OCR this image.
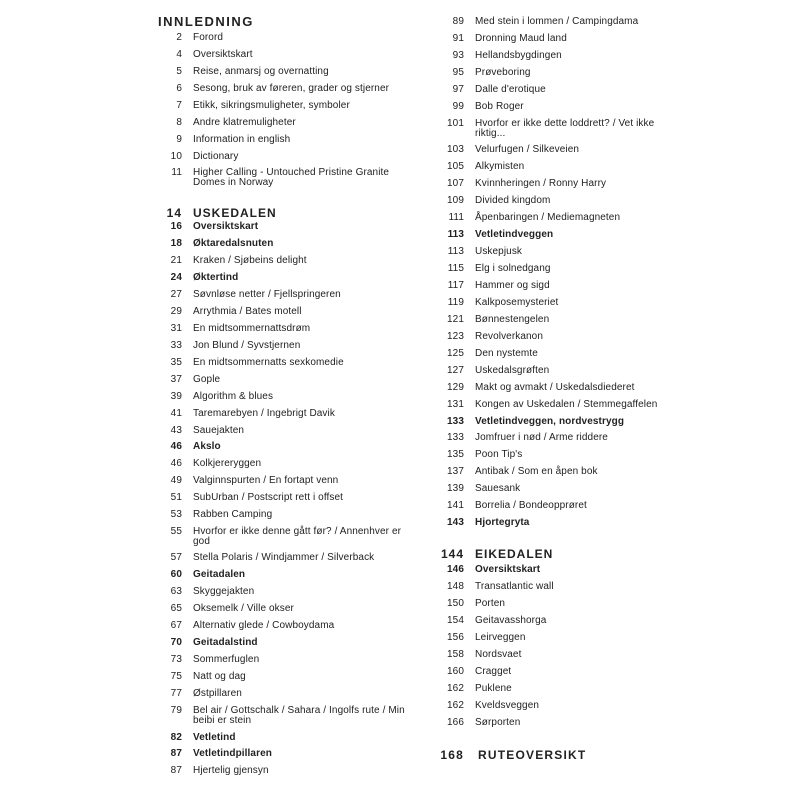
INNLEDNING
2 Forord
4 Oversiktskart
5 Reise, anmarsj og overnatting
6 Sesong, bruk av føreren, grader og stjerner
7 Etikk, sikringsmuligheter, symboler
8 Andre klatremuligheter
9 Information in english
10 Dictionary
11 Higher Calling - Untouched Pristine Granite Domes in Norway
14 USKEDALEN
16 Oversiktskart
18 Øktaredalsnuten
21 Kraken / Sjøbeins delight
24 Øktertind
27 Søvnløse netter / Fjellspringeren
29 Arrythmia / Bates motell
31 En midtsommernattsdrøm
33 Jon Blund / Syvstjernen
35 En midtsommernatts sexkomedie
37 Gople
39 Algorithm & blues
41 Taremarebyen / Ingebrigt Davik
43 Sauejakten
46 Akslo
46 Kolkjereryggen
49 Valginnspurten / En fortapt venn
51 SubUrban / Postscript rett i offset
53 Rabben Camping
55 Hvorfor er ikke denne gått før? / Annenhver er god
57 Stella Polaris / Windjammer / Silverback
60 Geitadalen
63 Skyggejakten
65 Oksemelk / Ville okser
67 Alternativ glede / Cowboydama
70 Geitadalstind
73 Sommerfuglen
75 Natt og dag
77 Østpillaren
79 Bel air / Gottschalk / Sahara / Ingolfs rute / Min beibi er stein
82 Vetletind
87 Vetletindpillaren
87 Hjertelig gjensyn
89 Med stein i lommen / Campingdama
91 Dronning Maud land
93 Hellandsbygdingen
95 Prøveboring
97 Dalle d'erotique
99 Bob Roger
101 Hvorfor er ikke dette loddrett? / Vet ikke riktig...
103 Velurfugen / Silkeveien
105 Alkymisten
107 Kvinnheringen / Ronny Harry
109 Divided kingdom
111 Åpenbaringen / Mediemagneten
113 Vetletindveggen
113 Uskepjusk
115 Elg i solnedgang
117 Hammer og sigd
119 Kalkposemysteriet
121 Bønnestengelen
123 Revolverkanon
125 Den nystemte
127 Uskedalsgrøften
129 Makt og avmakt / Uskedalsdiederet
131 Kongen av Uskedalen / Stemmegaffelen
133 Vetletindveggen, nordvestrygg
133 Jomfruer i nød / Arme riddere
135 Poon Tip's
137 Antibak / Som en åpen bok
139 Sauesank
141 Borrelia / Bondeopprøret
143 Hjortegryta
144 EIKEDALEN
146 Oversiktskart
148 Transatlantic wall
150 Porten
154 Geitavasshorga
156 Leirveggen
158 Nordsvaet
160 Cragget
162 Puklene
162 Kveldsveggen
166 Sørporten
168 RUTEOVERSIKT
